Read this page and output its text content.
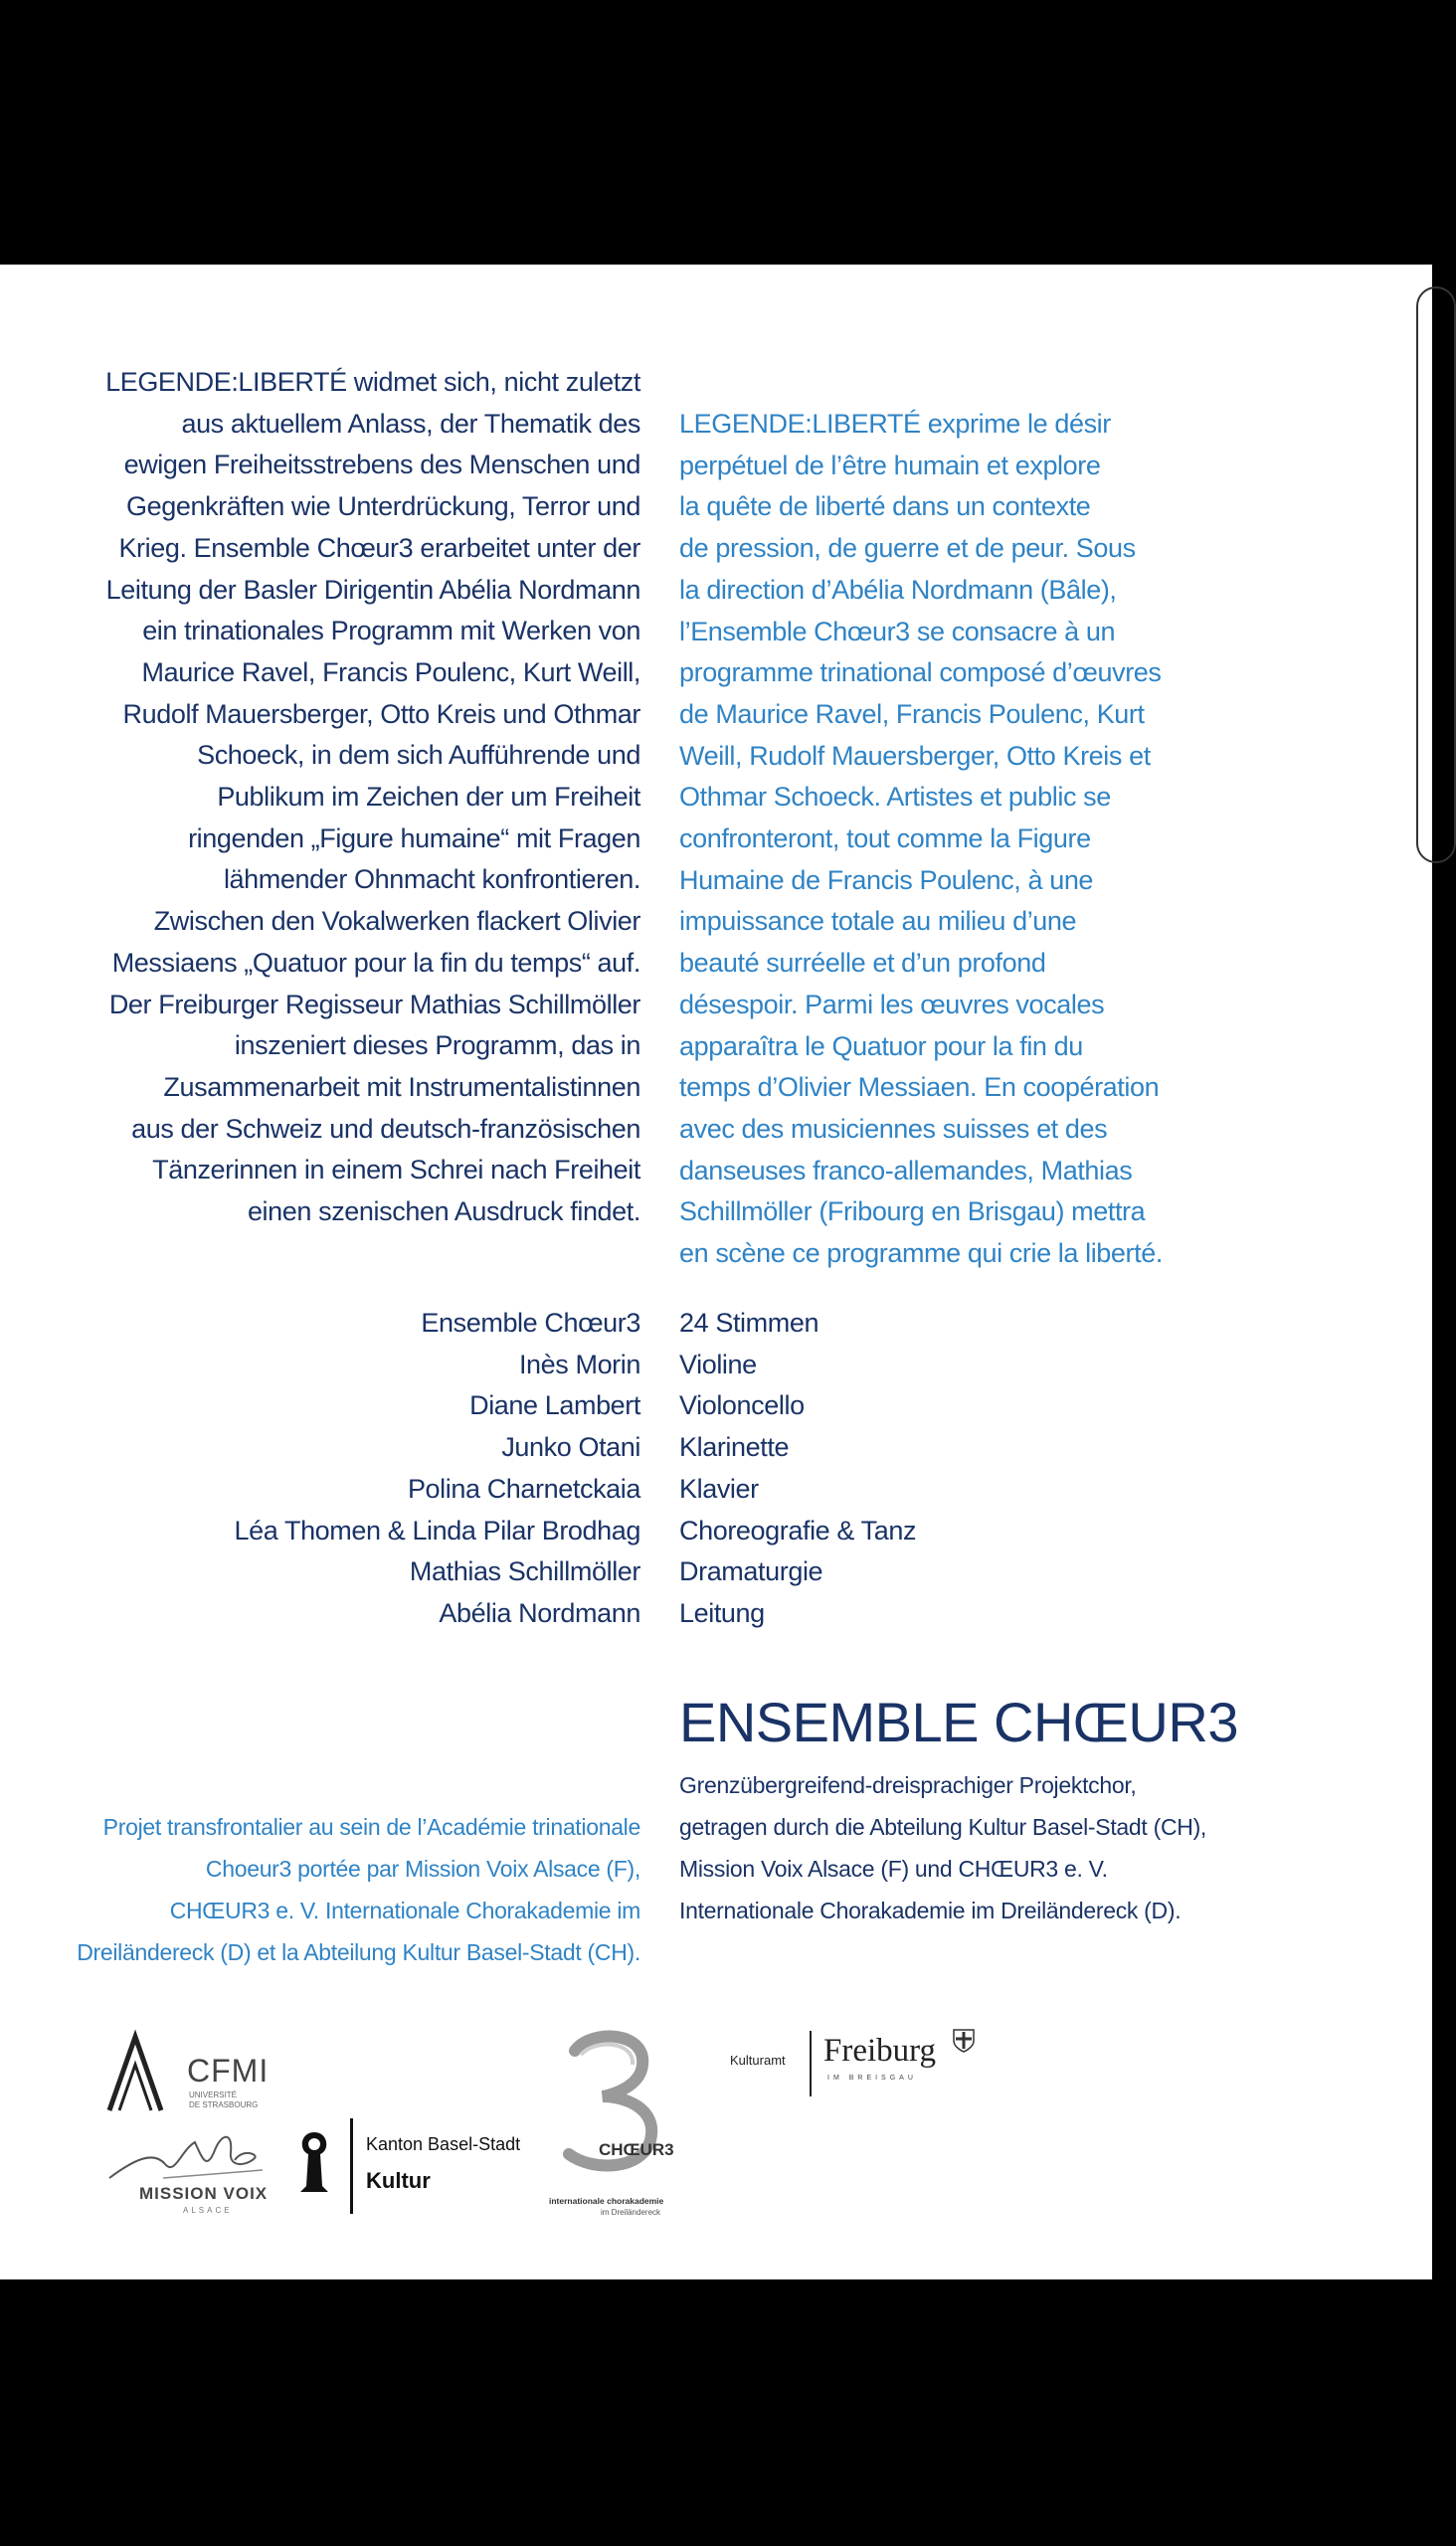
LEGENDE:LIBERTÉ widmet sich, nicht zuletzt

aus aktuellem Anlass, der Thematik des

ewigen Freiheitsstrebens des Menschen und

Gegenkräften wie Unterdrückung, Terror und

Krieg. Ensemble Chœur3 erarbeitet unter der

Leitung der Basler Dirigentin Abélia Nordmann

ein trinationales Programm mit Werken von

Maurice Ravel, Francis Poulenc, Kurt Weill,

Rudolf Mauersberger, Otto Kreis und Othmar

Schoeck, in dem sich Aufführende und

Publikum im Zeichen der um Freiheit

ringenden „Figure humaine“ mit Fragen

lähmender Ohnmacht konfrontieren.

Zwischen den Vokalwerken flackert Olivier

Messiaens „Quatuor pour la fin du temps“ auf.

Der Freiburger Regisseur Mathias Schillmöller

inszeniert dieses Programm, das in

Zusammenarbeit mit Instrumentalistinnen

aus der Schweiz und deutsch-französischen

Tänzerinnen in einem Schrei nach Freiheit

einen szenischen Ausdruck findet.

LEGENDE:LIBERTÉ exprime le désir

perpétuel de l’être humain et explore

la quête de liberté dans un contexte

de pression, de guerre et de peur. Sous

la direction d’Abélia Nordmann (Bâle),

l’Ensemble Chœur3 se consacre à un

programme trinational composé d’œuvres

de Maurice Ravel, Francis Poulenc, Kurt

Weill, Rudolf Mauersberger, Otto Kreis et

Othmar Schoeck. Artistes et public se

confronteront, tout comme la Figure

Humaine de Francis Poulenc, à une

impuissance totale au milieu d’une

beauté surréelle et d’un profond

désespoir. Parmi les œuvres vocales

apparaîtra le Quatuor pour la fin du

temps d’Olivier Messiaen. En coopération

avec des musiciennes suisses et des

danseuses franco-allemandes, Mathias

Schillmöller (Fribourg en Brisgau) mettra

en scène ce programme qui crie la liberté.

Ensemble Chœur3

Inès Morin

Diane Lambert

Junko Otani

Polina Charnetckaia

Léa Thomen & Linda Pilar Brodhag

Mathias Schillmöller

Abélia Nordmann

24 Stimmen

Violine

Violoncello

Klarinette

Klavier

Choreografie & Tanz

Dramaturgie

Leitung

ENSEMBLE CHŒUR3

Grenzübergreifend-dreisprachiger Projektchor,

getragen durch die Abteilung Kultur Basel-Stadt (CH),

Mission Voix Alsace (F) und CHŒUR3 e. V.

Internationale Chorakademie im Dreiländereck (D).

Projet transfrontalier au sein de l’Académie trinationale

Choeur3 portée par Mission Voix Alsace (F),

CHŒUR3 e. V. Internationale Chorakademie im

Dreiländereck (D) et la Abteilung Kultur Basel-Stadt (CH).

CFMI
UNIVERSITÉ
DE STRASBOURG
MISSION VOIX
ALSACE
Kanton Basel-Stadt
Kultur
CHŒUR3
internationale chorakademie
im Dreiländereck
Kulturamt Freiburg
IM BREISGAU
